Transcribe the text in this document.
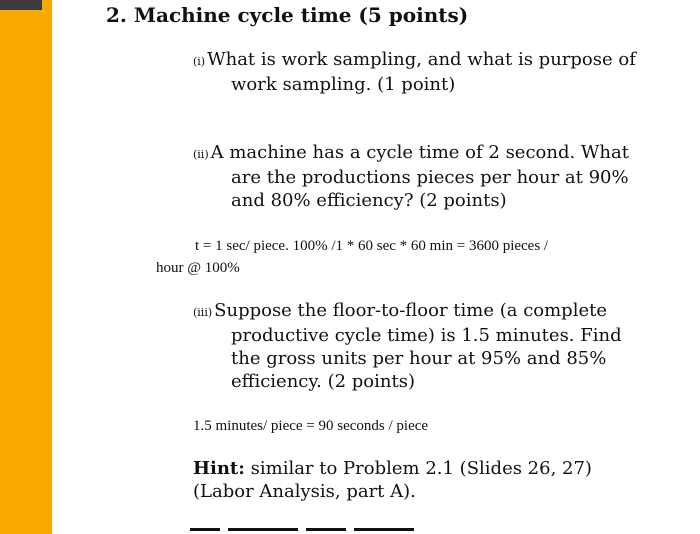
2. Machine cycle time (5 points)
(i) What is work sampling, and what is purpose of
work sampling. (1 point)
(ii) A machine has a cycle time of 2 second. What
are the productions pieces per hour at 90%
and 80% efficiency? (2 points)
t = 1 sec/ piece. 100% /1 * 60 sec * 60 min = 3600 pieces /
hour @ 100%
(iii) Suppose the floor-to-floor time (a complete
productive cycle time) is 1.5 minutes. Find
the gross units per hour at 95% and 85%
efficiency. (2 points)
1.5 minutes/ piece = 90 seconds / piece
Hint: similar to Problem 2.1 (Slides 26, 27)
(Labor Analysis, part A).
